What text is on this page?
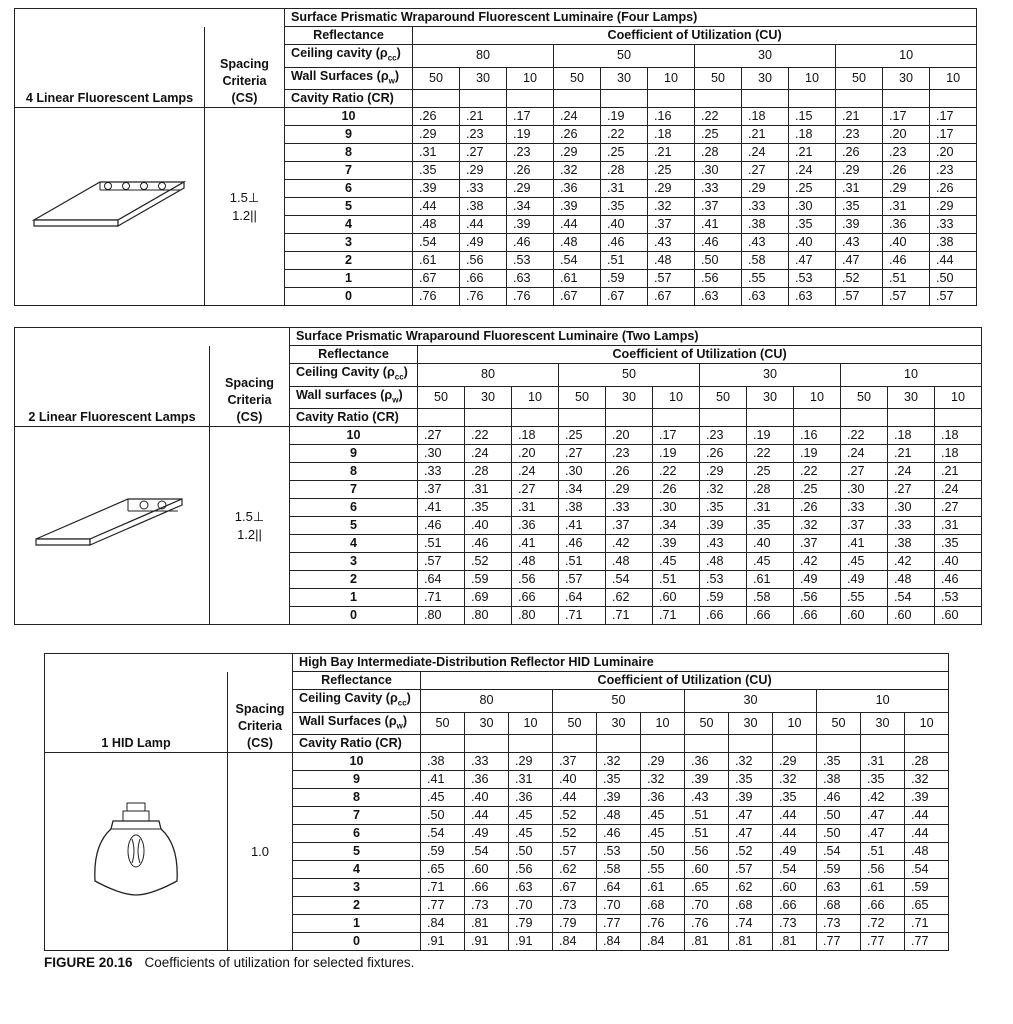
		Surface Prismatic Wraparound Fluorescent Luminaire (Four Lamps)												
4 Linear Fluorescent Lamps	Spacing
Criteria
(CS)	Reflectance	Coefficient of Utilization (CU)											
		Ceiling cavity $(\rho_{cc})$	80			50			30			10		
		Wall Surfaces $(\rho_w)$	50	30	10	50	30	10	50	30	10	50	30	10
		Cavity Ratio (CR)												

1.5⊥
1.2||	10	.26	.21	.17	.24	.19	.16	.22	.18	.15	.21	.17	.17
		9	.29	.23	.19	.26	.22	.18	.25	.21	.18	.23	.20	.17
		8	.31	.27	.23	.29	.25	.21	.28	.24	.21	.26	.23	.20
		7	.35	.29	.26	.32	.28	.25	.30	.27	.24	.29	.26	.23
		6	.39	.33	.29	.36	.31	.29	.33	.29	.25	.31	.29	.26
		5	.44	.38	.34	.39	.35	.32	.37	.33	.30	.35	.31	.29
		4	.48	.44	.39	.44	.40	.37	.41	.38	.35	.39	.36	.33
		3	.54	.49	.46	.48	.46	.43	.46	.43	.40	.43	.40	.38
		2	.61	.56	.53	.54	.51	.48	.50	.58	.47	.47	.46	.44
		1	.67	.66	.63	.61	.59	.57	.56	.55	.53	.52	.51	.50
		0	.76	.76	.76	.67	.67	.67	.63	.63	.63	.57	.57	.57
		Surface Prismatic Wraparound Fluorescent Luminaire (Two Lamps)												
2 Linear Fluorescent Lamps	Spacing
Criteria
(CS)	Reflectance	Coefficient of Utilization (CU)											
		Ceiling Cavity $(\rho_{cc})$	80			50			30			10		
		Wall surfaces $(\rho_w)$	50	30	10	50	30	10	50	30	10	50	30	10
		Cavity Ratio (CR)												

1.5⊥
1.2||	10	.27	.22	.18	.25	.20	.17	.23	.19	.16	.22	.18	.18
		9	.30	.24	.20	.27	.23	.19	.26	.22	.19	.24	.21	.18
		8	.33	.28	.24	.30	.26	.22	.29	.25	.22	.27	.24	.21
		7	.37	.31	.27	.34	.29	.26	.32	.28	.25	.30	.27	.24
		6	.41	.35	.31	.38	.33	.30	.35	.31	.26	.33	.30	.27
		5	.46	.40	.36	.41	.37	.34	.39	.35	.32	.37	.33	.31
		4	.51	.46	.41	.46	.42	.39	.43	.40	.37	.41	.38	.35
		3	.57	.52	.48	.51	.48	.45	.48	.45	.42	.45	.42	.40
		2	.64	.59	.56	.57	.54	.51	.53	.61	.49	.49	.48	.46
		1	.71	.69	.66	.64	.62	.60	.59	.58	.56	.55	.54	.53
		0	.80	.80	.80	.71	.71	.71	.66	.66	.66	.60	.60	.60
		High Bay Intermediate-Distribution Reflector HID Luminaire												
1 HID Lamp	Spacing
Criteria
(CS)	Reflectance	Coefficient of Utilization (CU)											
		Ceiling Cavity $(\rho_{cc})$	80			50			30			10		
		Wall Surfaces $(\rho_w)$	50	30	10	50	30	10	50	30	10	50	30	10
		Cavity Ratio (CR)												

1.0	10	.38	.33	.29	.37	.32	.29	.36	.32	.29	.35	.31	.28
		9	.41	.36	.31	.40	.35	.32	.39	.35	.32	.38	.35	.32
		8	.45	.40	.36	.44	.39	.36	.43	.39	.35	.46	.42	.39
		7	.50	.44	.45	.52	.48	.45	.51	.47	.44	.50	.47	.44
		6	.54	.49	.45	.52	.46	.45	.51	.47	.44	.50	.47	.44
		5	.59	.54	.50	.57	.53	.50	.56	.52	.49	.54	.51	.48
		4	.65	.60	.56	.62	.58	.55	.60	.57	.54	.59	.56	.54
		3	.71	.66	.63	.67	.64	.61	.65	.62	.60	.63	.61	.59
		2	.77	.73	.70	.73	.70	.68	.70	.68	.66	.68	.66	.65
		1	.84	.81	.79	.79	.77	.76	.76	.74	.73	.73	.72	.71
		0	.91	.91	.91	.84	.84	.84	.81	.81	.81	.77	.77	.77
FIGURE 20.16 Coefficients of utilization for selected fixtures.
